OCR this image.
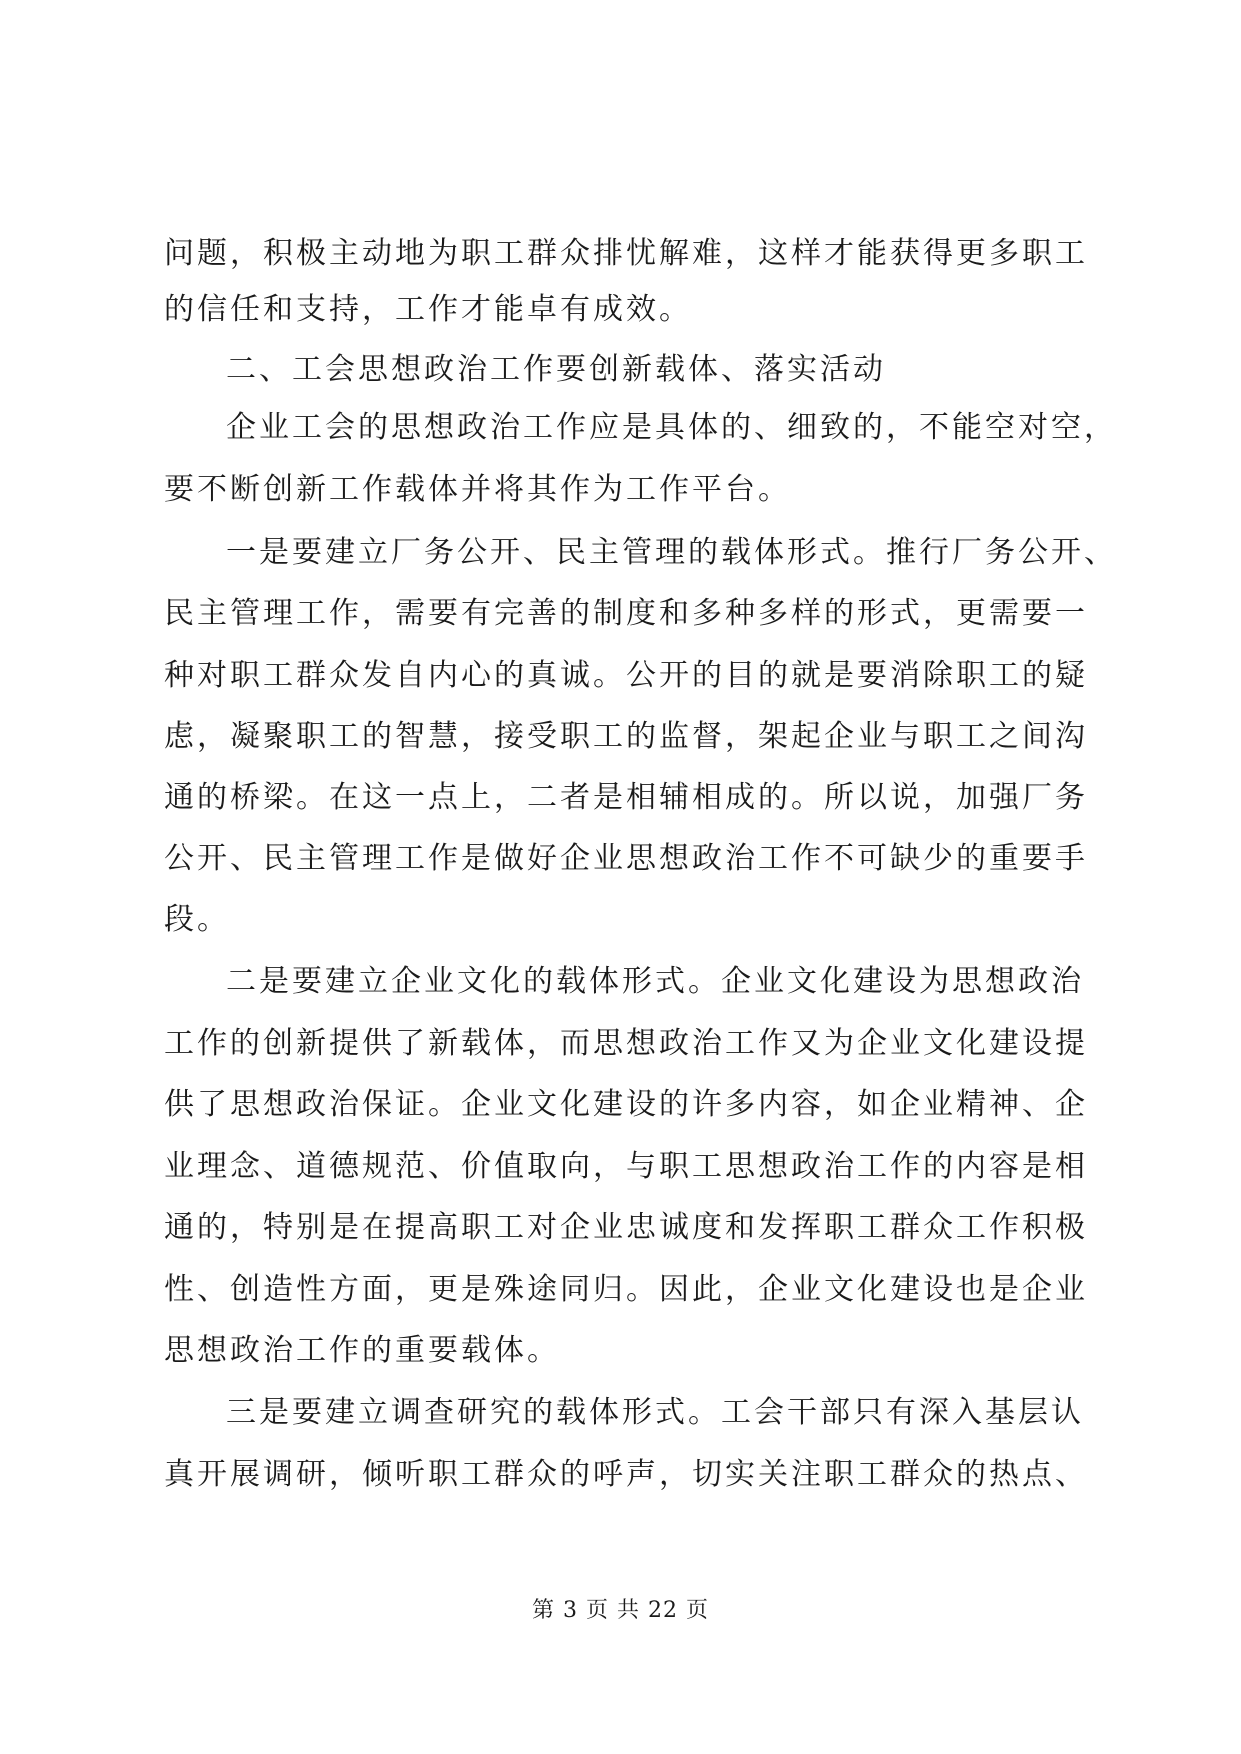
问题，积极主动地为职工群众排忧解难，这样才能获得更多职工
的信任和支持，工作才能卓有成效。
二、工会思想政治工作要创新载体、落实活动
企业工会的思想政治工作应是具体的、细致的，不能空对空，
要不断创新工作载体并将其作为工作平台。
一是要建立厂务公开、民主管理的载体形式。推行厂务公开、
民主管理工作，需要有完善的制度和多种多样的形式，更需要一
种对职工群众发自内心的真诚。公开的目的就是要消除职工的疑
虑，凝聚职工的智慧，接受职工的监督，架起企业与职工之间沟
通的桥梁。在这一点上，二者是相辅相成的。所以说，加强厂务
公开、民主管理工作是做好企业思想政治工作不可缺少的重要手
段。
二是要建立企业文化的载体形式。企业文化建设为思想政治
工作的创新提供了新载体，而思想政治工作又为企业文化建设提
供了思想政治保证。企业文化建设的许多内容，如企业精神、企
业理念、道德规范、价值取向，与职工思想政治工作的内容是相
通的，特别是在提高职工对企业忠诚度和发挥职工群众工作积极
性、创造性方面，更是殊途同归。因此，企业文化建设也是企业
思想政治工作的重要载体。
三是要建立调查研究的载体形式。工会干部只有深入基层认
真开展调研，倾听职工群众的呼声，切实关注职工群众的热点、
第 3 页 共 22 页
